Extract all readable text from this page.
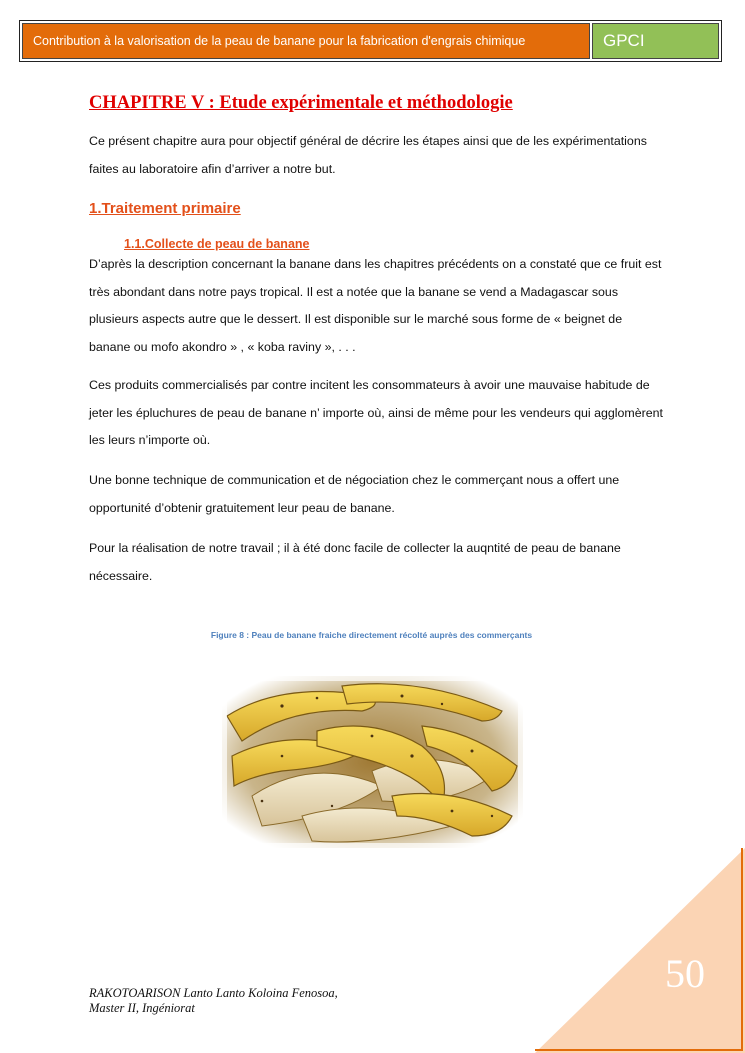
Contribution à la valorisation de la peau de banane pour la fabrication d'engrais chimique	GPCI
CHAPITRE V : Etude expérimentale et méthodologie

Ce présent chapitre aura pour objectif général de décrire les étapes ainsi que de les expérimentations faites au laboratoire afin d’arriver a notre but.

1.Traitement primaire
1.1.Collecte de peau de banane

D’après la description concernant la banane dans les chapitres précédents on a constaté que ce fruit est très abondant dans notre pays tropical. Il est a notée que la banane se vend a Madagascar sous plusieurs aspects autre que le dessert. Il est disponible sur le marché sous forme de « beignet de banane ou mofo akondro » , « koba raviny », . . .

Ces produits commercialisés par contre incitent les consommateurs à avoir une mauvaise habitude de jeter les épluchures de peau de banane n’ importe où, ainsi de même pour les vendeurs qui agglomèrent les leurs n’importe où.

Une bonne technique de communication et de négociation chez le commerçant nous a offert une opportunité d’obtenir gratuitement leur peau de banane.

Pour la réalisation de notre travail ; il à été donc facile de collecter la auqntité de peau de banane nécessaire.

Figure 8 : Peau de banane fraiche directement récolté auprès des commerçants
RAKOTOARISON Lanto Lanto Koloina Fenosoa,
Master II, Ingéniorat
50
